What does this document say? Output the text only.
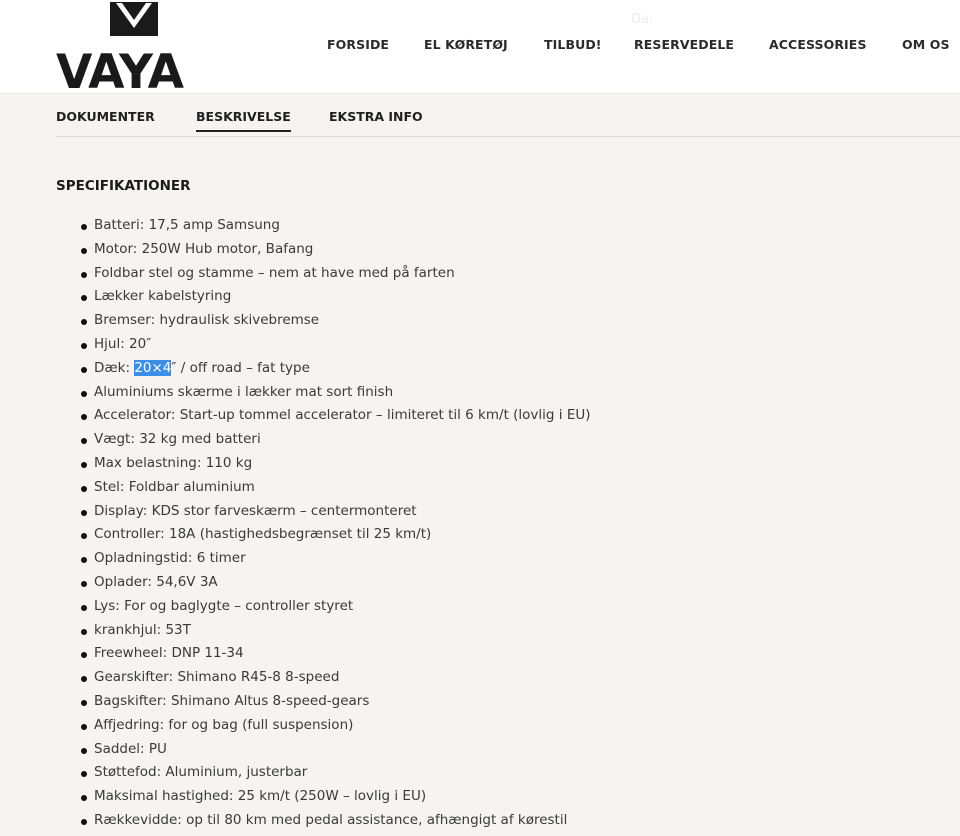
VAYA
Da:
FORSIDE	EL KØRETØJ	TILBUD!	RESERVEDELE	ACCESSORIES	OM OS
DOKUMENTER	BESKRIVELSE	EKSTRA INFO
SPECIFIKATIONER
Batteri: 17,5 amp Samsung
Motor: 250W Hub motor, Bafang
Foldbar stel og stamme – nem at have med på farten
Lækker kabelstyring
Bremser: hydraulisk skivebremse
Hjul: 20″
Dæk: 20×4″ / off road – fat type
Aluminiums skærme i lækker mat sort finish
Accelerator: Start-up tommel accelerator – limiteret til 6 km/t (lovlig i EU)
Vægt: 32 kg med batteri
Max belastning: 110 kg
Stel: Foldbar aluminium
Display: KDS stor farveskærm – centermonteret
Controller: 18A (hastighedsbegrænset til 25 km/t)
Opladningstid: 6 timer
Oplader: 54,6V 3A
Lys: For og baglygte – controller styret
krankhjul: 53T
Freewheel: DNP 11-34
Gearskifter: Shimano R45-8 8-speed
Bagskifter: Shimano Altus 8-speed-gears
Affjedring: for og bag (full suspension)
Saddel: PU
Støttefod: Aluminium, justerbar
Maksimal hastighed: 25 km/t (250W – lovlig i EU)
Rækkevidde: op til 80 km med pedal assistance, afhængigt af kørestil
